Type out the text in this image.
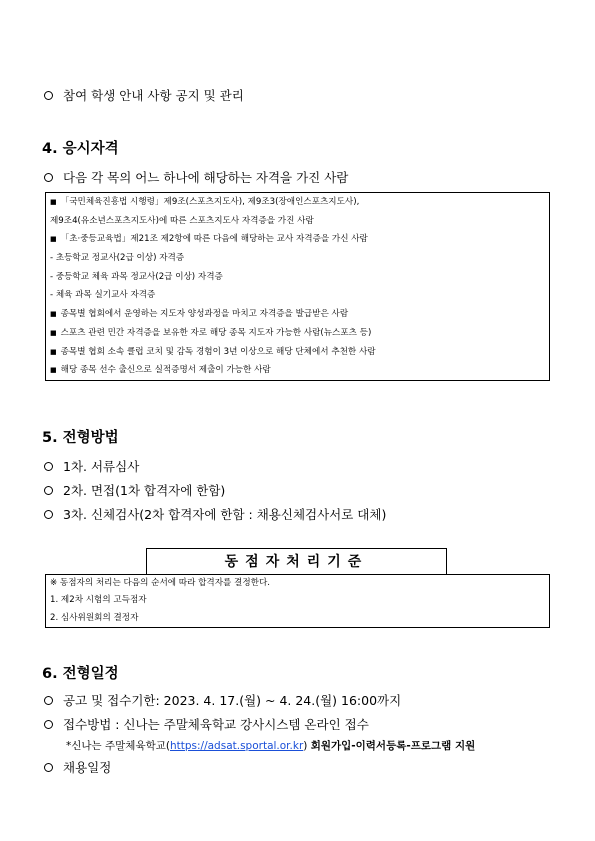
참여 학생 안내 사항 공지 및 관리
4. 응시자격
다음 각 목의 어느 하나에 해당하는 자격을 가진 사람
■ 「국민체육진흥법 시행령」제9조(스포츠지도사), 제9조3(장애인스포츠지도사),
제9조4(유소년스포츠지도사)에 따른 스포츠지도사 자격증을 가진 사람
■ 「초·중등교육법」제21조 제2항에 따른 다음에 해당하는 교사 자격증을 가신 사람
- 초등학교 정교사(2급 이상) 자격증
- 중등학교 체육 과목 정교사(2급 이상) 자격증
- 체육 과목 실기교사 자격증
■ 종목별 협회에서 운영하는 지도자 양성과정을 마치고 자격증을 발급받은 사람
■ 스포츠 관련 민간 자격증을 보유한 자로 해당 종목 지도자 가능한 사람(뉴스포츠 등)
■ 종목별 협회 소속 클럽 코치 및 감독 경험이 3년 이상으로 해당 단체에서 추천한 사람
■ 해당 종목 선수 출신으로 실적증명서 제출이 가능한 사람
5. 전형방법
1차. 서류심사
2차. 면접(1차 합격자에 한함)
3차. 신체검사(2차 합격자에 한함 : 채용신체검사서로 대체)
동점자처리기준
※ 동점자의 처리는 다음의 순서에 따라 합격자를 결정한다.
1. 제2차 시험의 고득점자
2. 심사위원회의 결정자
6. 전형일정
공고 및 접수기한: 2023. 4. 17.(월) ~ 4. 24.(월) 16:00까지
접수방법 : 신나는 주말체육학교 강사시스템 온라인 접수
*신나는 주말체육학교(https://adsat.sportal.or.kr) 회원가입-이력서등록-프로그램 지원
채용일정
